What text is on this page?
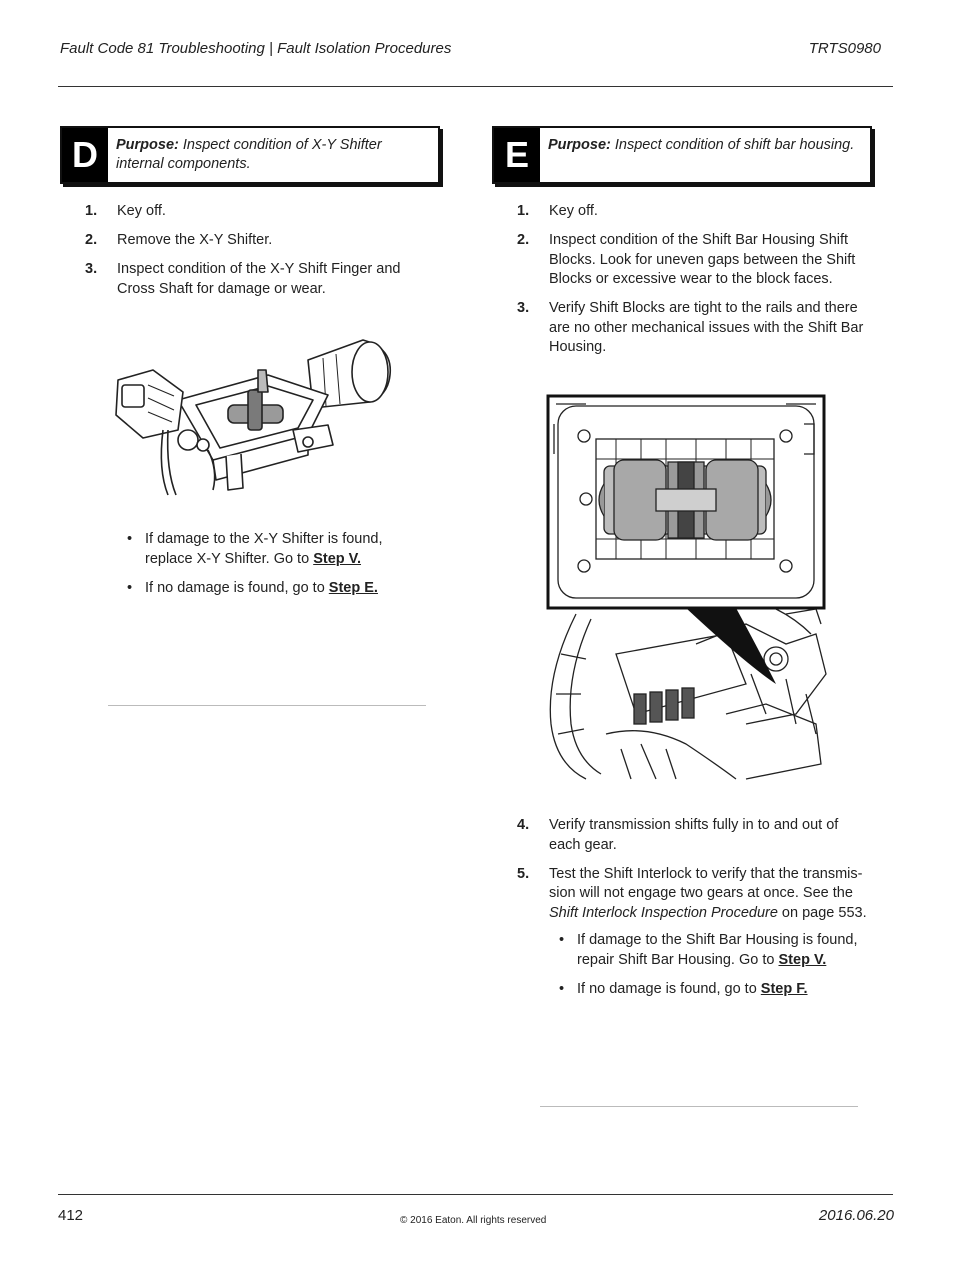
Fault Code 81 Troubleshooting | Fault Isolation Procedures	TRTS0980
D	Purpose: Inspect condition of X-Y Shifter internal components.
1. Key off.
2. Remove the X-Y Shifter.
3. Inspect condition of the X-Y Shift Finger and Cross Shaft for damage or wear.
• If damage to the X-Y Shifter is found, replace X-Y Shifter. Go to Step V.
• If no damage is found, go to Step E.
E	Purpose: Inspect condition of shift bar housing.
1. Key off.
2. Inspect condition of the Shift Bar Housing Shift Blocks. Look for uneven gaps between the Shift Blocks or excessive wear to the block faces.
3. Verify Shift Blocks are tight to the rails and there are no other mechanical issues with the Shift Bar Housing.
4. Verify transmission shifts fully in to and out of each gear.
5. Test the Shift Interlock to verify that the transmis-sion will not engage two gears at once. See the Shift Interlock Inspection Procedure on page 553.
• If damage to the Shift Bar Housing is found, repair Shift Bar Housing. Go to Step V.
• If no damage is found, go to Step F.
412	© 2016 Eaton. All rights reserved	2016.06.20
